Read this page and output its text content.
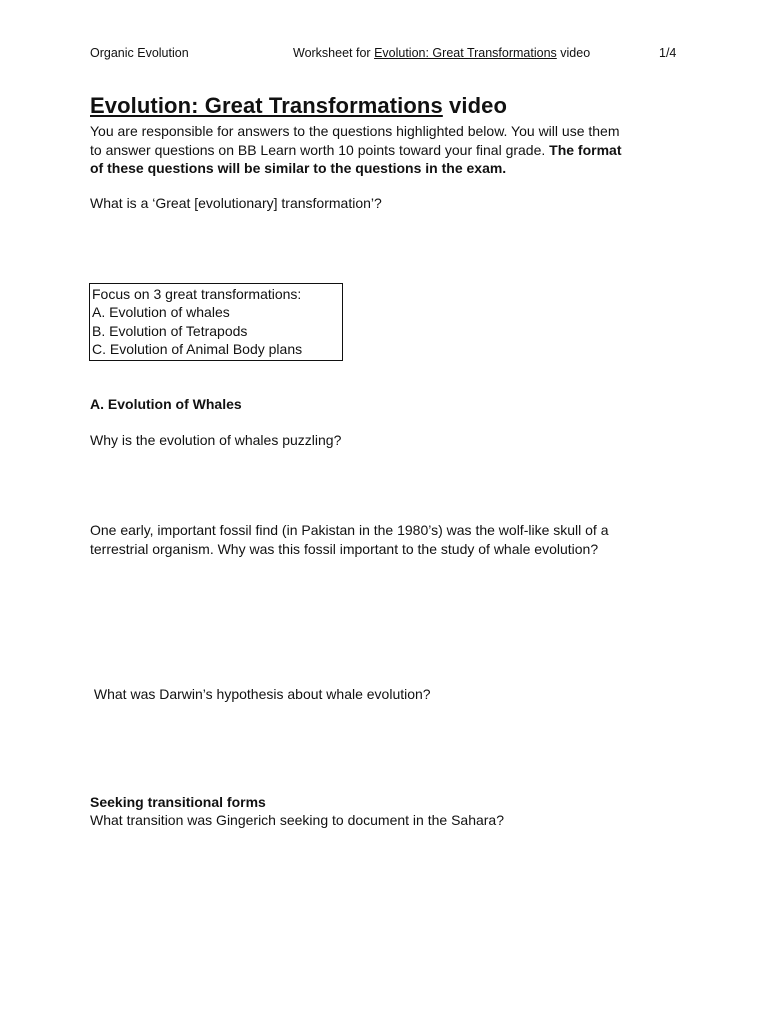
Organic Evolution	Worksheet for Evolution: Great Transformations video	1/4
Evolution: Great Transformations video
You are responsible for answers to the questions highlighted below. You will use them
to answer questions on BB Learn worth 10 points toward your final grade. The format
of these questions will be similar to the questions in the exam.
What is a ‘Great [evolutionary] transformation’?
Focus on 3 great transformations:
A. Evolution of whales
B. Evolution of Tetrapods
C. Evolution of Animal Body plans
A. Evolution of Whales
Why is the evolution of whales puzzling?
One early, important fossil find (in Pakistan in the 1980’s) was the wolf-like skull of a
terrestrial organism. Why was this fossil important to the study of whale evolution?
What was Darwin’s hypothesis about whale evolution?
Seeking transitional forms
What transition was Gingerich seeking to document in the Sahara?
